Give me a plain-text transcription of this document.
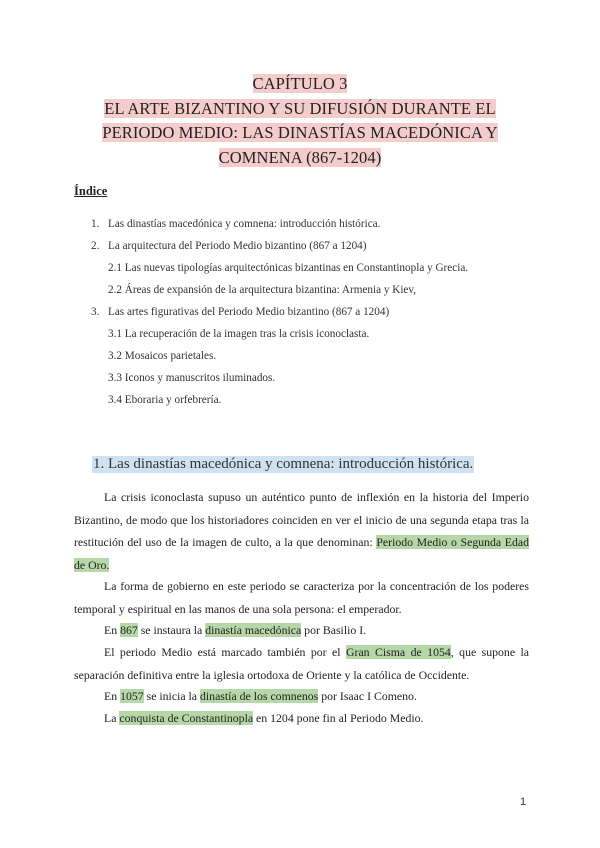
CAPÍTULO 3
EL ARTE BIZANTINO Y SU DIFUSIÓN DURANTE EL
PERIODO MEDIO: LAS DINASTÍAS MACEDÓNICA Y
COMNENA (867-1204)
Índice
1. Las dinastías macedónica y comnena: introducción histórica.
2. La arquitectura del Periodo Medio bizantino (867 a 1204)
2.1 Las nuevas tipologías arquitectónicas bizantinas en Constantinopla y Grecia.
2.2 Áreas de expansión de la arquitectura bizantina: Armenia y Kiev,
3. Las artes figurativas del Periodo Medio bizantino (867 a 1204)
3.1 La recuperación de la imagen tras la crisis iconoclasta.
3.2 Mosaicos parietales.
3.3 Iconos y manuscritos iluminados.
3.4 Eboraria y orfebrería.
1. Las dinastías macedónica y comnena: introducción histórica.
La crisis iconoclasta supuso un auténtico punto de inflexión en la historia del Imperio Bizantino, de modo que los historiadores coinciden en ver el inicio de una segunda etapa tras la restitución del uso de la imagen de culto, a la que denominan: Periodo Medio o Segunda Edad de Oro.
La forma de gobierno en este periodo se caracteriza por la concentración de los poderes temporal y espiritual en las manos de una sola persona: el emperador.
En 867 se instaura la dinastía macedónica por Basilio I.
El periodo Medio está marcado también por el Gran Cisma de 1054, que supone la separación definitiva entre la iglesia ortodoxa de Oriente y la católica de Occidente.
En 1057 se inicia la dinastía de los comnenos por Isaac I Comeno.
La conquista de Constantinopla en 1204 pone fin al Periodo Medio.
1
